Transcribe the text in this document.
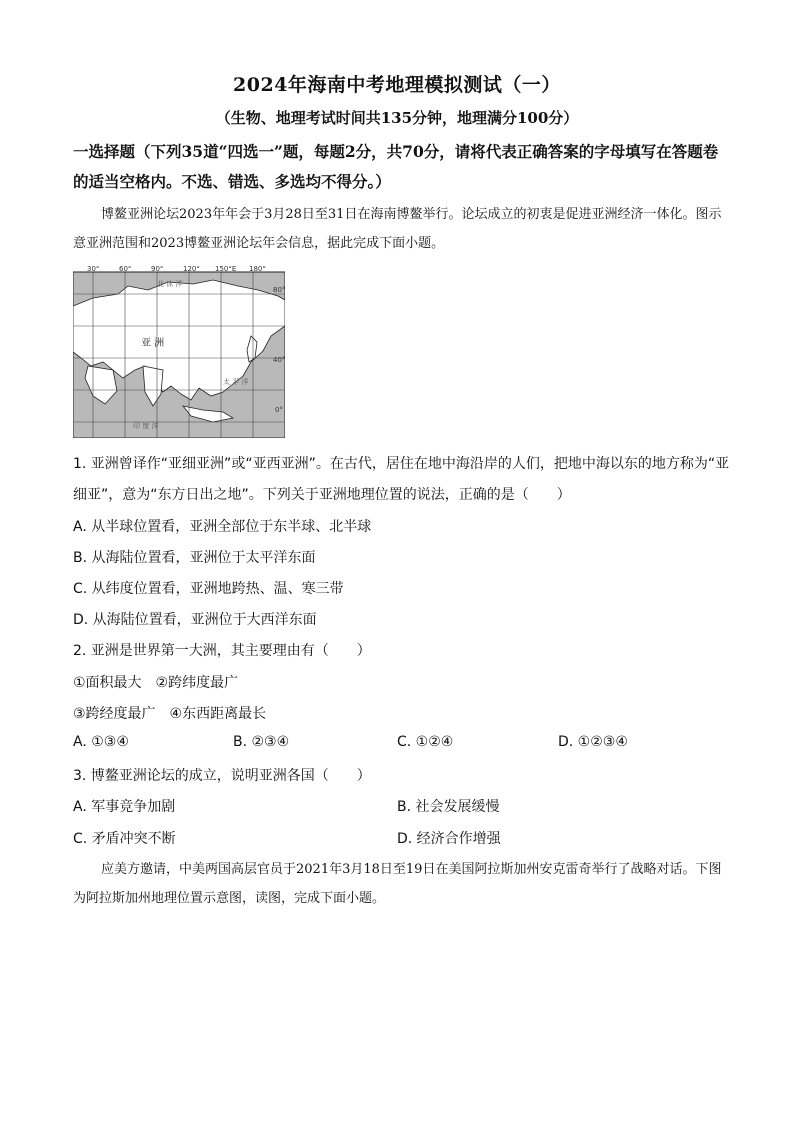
2024年海南中考地理模拟测试（一）
（生物、地理考试时间共135分钟，地理满分100分）
一选择题（下列35道“四选一”题，每题2分，共70分，请将代表正确答案的字母填写在答题卷的适当空格内。不选、错选、多选均不得分。）
博鳌亚洲论坛2023年年会于3月28日至31日在海南博鳌举行。论坛成立的初衷是促进亚洲经济一体化。图示意亚洲范围和2023博鳌亚洲论坛年会信息，据此完成下面小题。
30°	60°	90°	120° 150°E 180°
80°
40°
0°
北 冰 洋
太 平 洋
印 度 洋
亚 洲
1. 亚洲曾译作“亚细亚洲”或“亚西亚洲”。在古代，居住在地中海沿岸的人们，把地中海以东的地方称为“亚细亚”，意为“东方日出之地”。下列关于亚洲地理位置的说法，正确的是（　　）
A. 从半球位置看，亚洲全部位于东半球、北半球
B. 从海陆位置看，亚洲位于太平洋东面
C. 从纬度位置看，亚洲地跨热、温、寒三带
D. 从海陆位置看，亚洲位于大西洋东面
2. 亚洲是世界第一大洲，其主要理由有（　　）
①面积最大　②跨纬度最广
③跨经度最广　④东西距离最长
A. ①③④	B. ②③④	C. ①②④	D. ①②③④
3. 博鳌亚洲论坛的成立，说明亚洲各国（　　）
A. 军事竞争加剧	B. 社会发展缓慢
C. 矛盾冲突不断	D. 经济合作增强
应美方邀请，中美两国高层官员于2021年3月18日至19日在美国阿拉斯加州安克雷奇举行了战略对话。下图为阿拉斯加州地理位置示意图，读图，完成下面小题。
